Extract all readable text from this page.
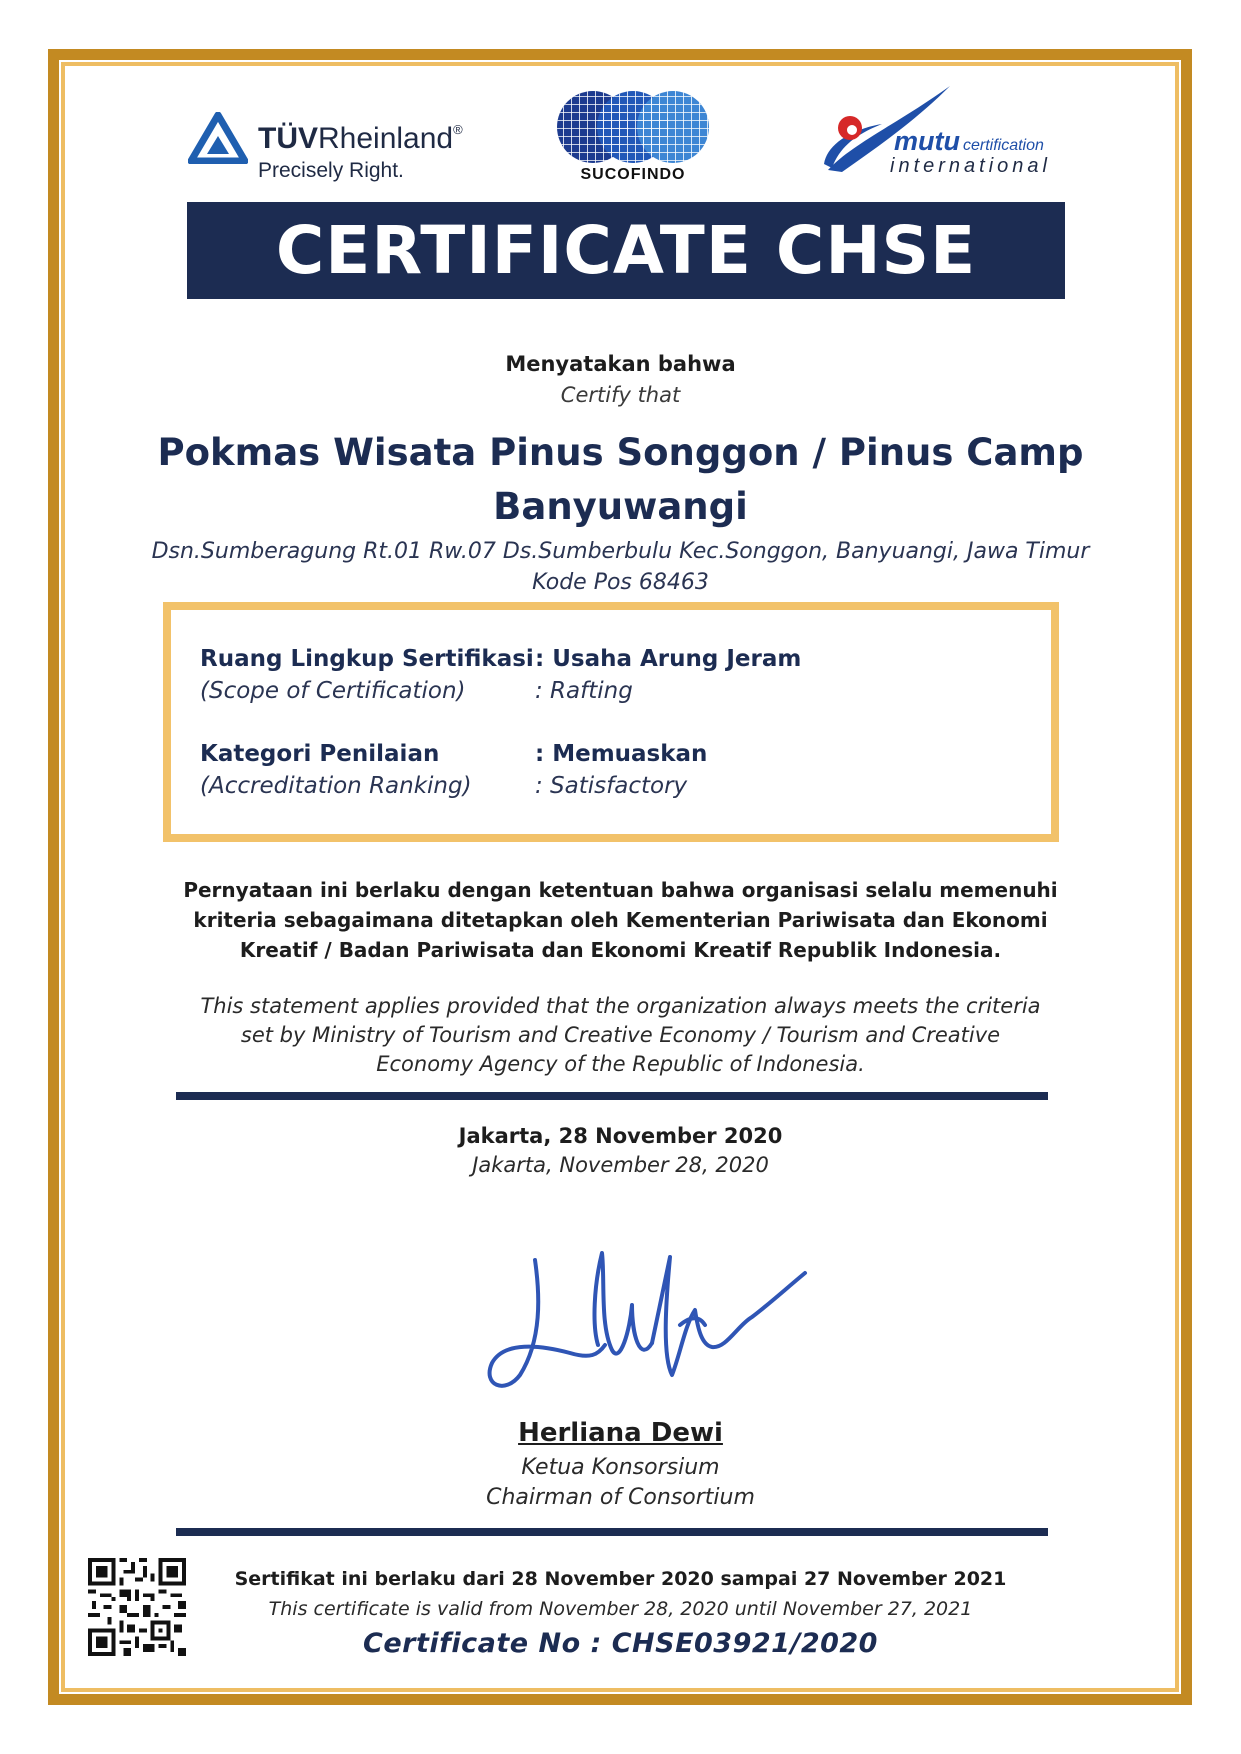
TÜVRheinland®
Precisely Right.	SUCOFINDO
mutu certification
international
CERTIFICATE CHSE
Menyatakan bahwa
Certify that
Pokmas Wisata Pinus Songgon / Pinus Camp
Banyuwangi
Dsn.Sumberagung Rt.01 Rw.07 Ds.Sumberbulu Kec.Songgon, Banyuangi, Jawa Timur
Kode Pos 68463
Ruang Lingkup Sertifikasi
(Scope of Certification)
: Usaha Arung Jeram
: Rafting
Kategori Penilaian
(Accreditation Ranking)
: Memuaskan
: Satisfactory
Pernyataan ini berlaku dengan ketentuan bahwa organisasi selalu memenuhi
kriteria sebagaimana ditetapkan oleh Kementerian Pariwisata dan Ekonomi
Kreatif / Badan Pariwisata dan Ekonomi Kreatif Republik Indonesia.
This statement applies provided that the organization always meets the criteria
set by Ministry of Tourism and Creative Economy / Tourism and Creative
Economy Agency of the Republic of Indonesia.
Jakarta, 28 November 2020
Jakarta, November 28, 2020
Herliana Dewi
Ketua Konsorsium
Chairman of Consortium
Sertifikat ini berlaku dari 28 November 2020 sampai 27 November 2021
This certificate is valid from November 28, 2020 until November 27, 2021
Certificate No : CHSE03921/2020
